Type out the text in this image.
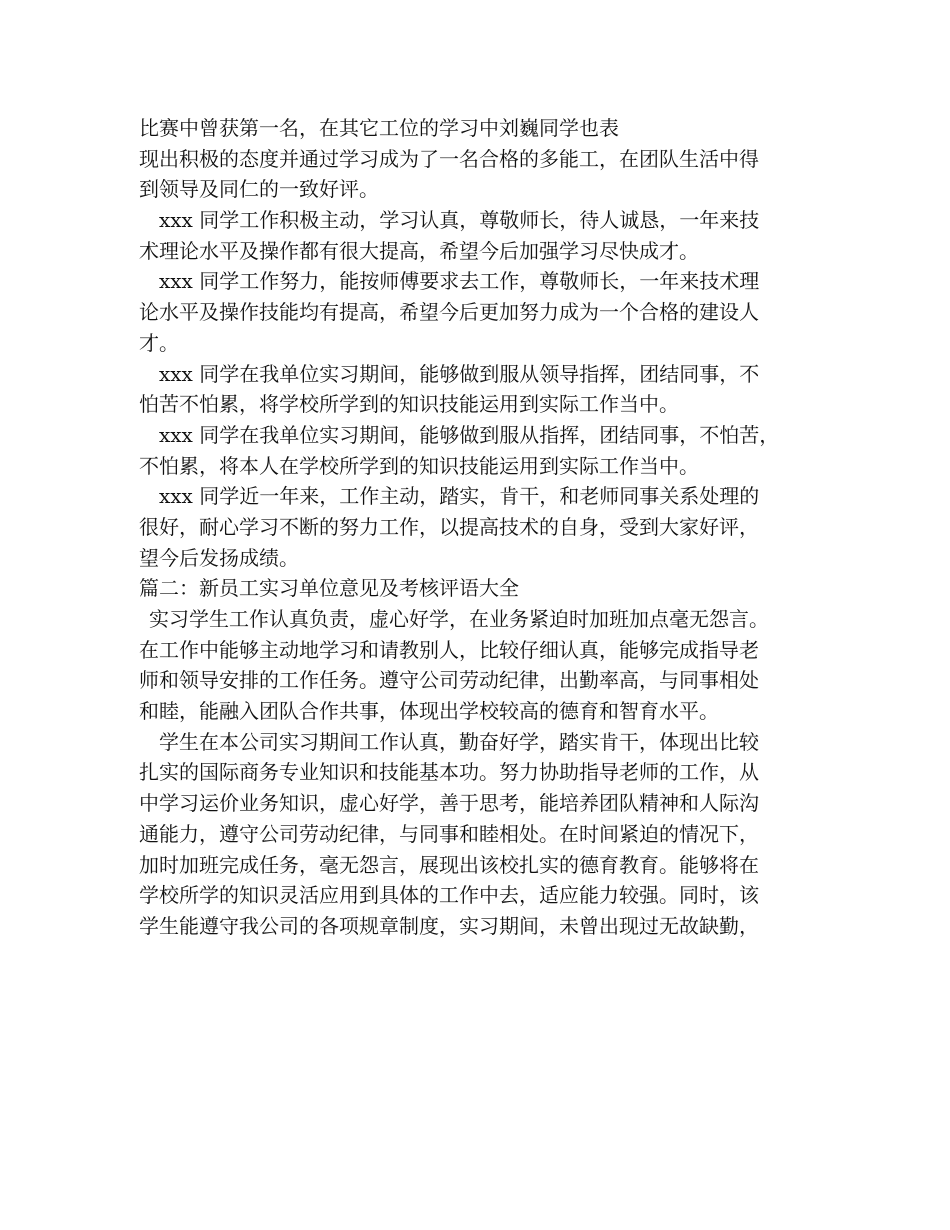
比赛中曾获第一名，在其它工位的学习中刘巍同学也表
现出积极的态度并通过学习成为了一名合格的多能工，在团队生活中得
到领导及同仁的一致好评。
xxx 同学工作积极主动，学习认真，尊敬师长，待人诚恳，一年来技
术理论水平及操作都有很大提高，希望今后加强学习尽快成才。
xxx 同学工作努力，能按师傅要求去工作，尊敬师长，一年来技术理
论水平及操作技能均有提高，希望今后更加努力成为一个合格的建设人
才。
xxx 同学在我单位实习期间，能够做到服从领导指挥，团结同事，不
怕苦不怕累，将学校所学到的知识技能运用到实际工作当中。
xxx 同学在我单位实习期间，能够做到服从指挥，团结同事，不怕苦，
不怕累，将本人在学校所学到的知识技能运用到实际工作当中。
xxx 同学近一年来，工作主动，踏实，肯干，和老师同事关系处理的
很好，耐心学习不断的努力工作，以提高技术的自身，受到大家好评，
望今后发扬成绩。
篇二：新员工实习单位意见及考核评语大全
实习学生工作认真负责，虚心好学，在业务紧迫时加班加点毫无怨言。
在工作中能够主动地学习和请教别人，比较仔细认真，能够完成指导老
师和领导安排的工作任务。遵守公司劳动纪律，出勤率高，与同事相处
和睦，能融入团队合作共事，体现出学校较高的德育和智育水平。
学生在本公司实习期间工作认真，勤奋好学，踏实肯干，体现出比较
扎实的国际商务专业知识和技能基本功。努力协助指导老师的工作，从
中学习运价业务知识，虚心好学，善于思考，能培养团队精神和人际沟
通能力，遵守公司劳动纪律，与同事和睦相处。在时间紧迫的情况下，
加时加班完成任务，毫无怨言，展现出该校扎实的德育教育。能够将在
学校所学的知识灵活应用到具体的工作中去，适应能力较强。同时，该
学生能遵守我公司的各项规章制度，实习期间，未曾出现过无故缺勤，
